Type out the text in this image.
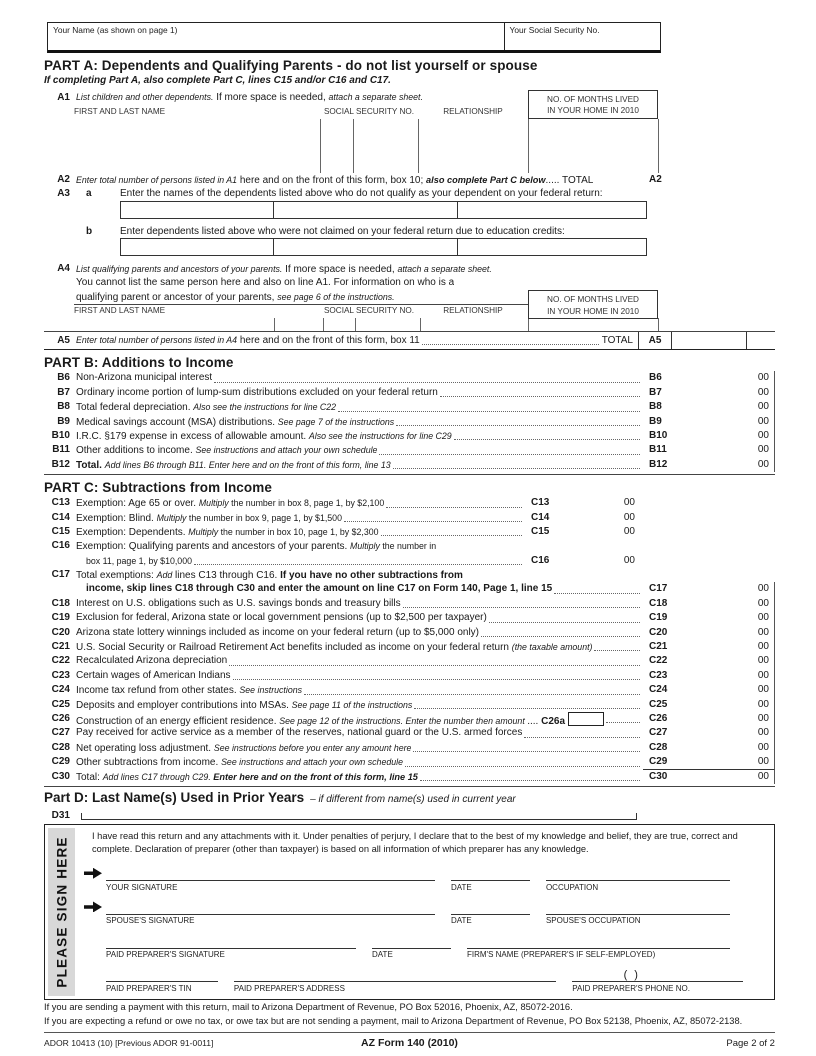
Your Name (as shown on page 1)	Your Social Security No.
PART A: Dependents and Qualifying Parents - do not list yourself or spouse
If completing Part A, also complete Part C, lines C15 and/or C16 and C17.
A1 List children and other dependents. If more space is needed, attach a separate sheet.
FIRST AND LAST NAME	SOCIAL SECURITY NO.	RELATIONSHIP
NO. OF MONTHS LIVED
IN YOUR HOME IN 2010
A2 Enter total number of persons listed in A1 here and on the front of this form, box 10; also complete Part C below..... TOTAL	A2
A3 a	Enter the names of the dependents listed above who do not qualify as your dependent on your federal return:
b	Enter dependents listed above who were not claimed on your federal return due to education credits:
A4 List qualifying parents and ancestors of your parents. If more space is needed, attach a separate sheet.
You cannot list the same person here and also on line A1. For information on who is a
qualifying parent or ancestor of your parents, see page 6 of the instructions.	NO. OF MONTHS LIVED
IN YOUR HOME IN 2010
FIRST AND LAST NAME	SOCIAL SECURITY NO.	RELATIONSHIP
A5 Enter total number of persons listed in A4 here and on the front of this form, box 11	TOTAL	A5
PART B: Additions to Income
B6 Non-Arizona municipal interest	B6	00
B7 Ordinary income portion of lump-sum distributions excluded on your federal return	B7	00
B8 Total federal depreciation. Also see the instructions for line C22	B8	00
B9 Medical savings account (MSA) distributions. See page 7 of the instructions	B9	00
B10 I.R.C. §179 expense in excess of allowable amount. Also see the instructions for line C29	B10	00
B11 Other additions to income. See instructions and attach your own schedule	B11	00
B12 Total. Add lines B6 through B11. Enter here and on the front of this form, line 13	B12	00
PART C: Subtractions from Income
C13 Exemption: Age 65 or over. Multiply the number in box 8, page 1, by $2,100	C13	00
C14 Exemption: Blind. Multiply the number in box 9, page 1, by $1,500	C14	00
C15 Exemption: Dependents. Multiply the number in box 10, page 1, by $2,300	C15	00
C16 Exemption: Qualifying parents and ancestors of your parents. Multiply the number in
box 11, page 1, by $10,000	C16	00
C17 Total exemptions: Add lines C13 through C16. If you have no other subtractions from
income, skip lines C18 through C30 and enter the amount on line C17 on Form 140, Page 1, line 15	C17	00
C18 Interest on U.S. obligations such as U.S. savings bonds and treasury bills	C18	00
C19 Exclusion for federal, Arizona state or local government pensions (up to $2,500 per taxpayer)	C19	00
C20 Arizona state lottery winnings included as income on your federal return (up to $5,000 only)	C20	00
C21 U.S. Social Security or Railroad Retirement Act benefits included as income on your federal return (the taxable amount)	C21	00
C22 Recalculated Arizona depreciation	C22	00
C23 Certain wages of American Indians	C23	00
C24 Income tax refund from other states. See instructions	C24	00
C25 Deposits and employer contributions into MSAs. See page 11 of the instructions	C25	00
C26 Construction of an energy efficient residence. See page 12 of the instructions. Enter the number then amount .... C26a	C26	00
C27 Pay received for active service as a member of the reserves, national guard or the U.S. armed forces	C27	00
C28 Net operating loss adjustment. See instructions before you enter any amount here	C28	00
C29 Other subtractions from income. See instructions and attach your own schedule	C29	00
C30 Total: Add lines C17 through C29. Enter here and on the front of this form, line 15	C30	00
Part D: Last Name(s) Used in Prior Years – if different from name(s) used in current year
D31
PLEASE SIGN HERE

I have read this return and any attachments with it. Under penalties of perjury, I declare that to the best of my knowledge and belief, they are true, correct and complete. Declaration of preparer (other than taxpayer) is based on all information of which preparer has any knowledge.

YOUR SIGNATURE	DATE	OCCUPATION
SPOUSE'S SIGNATURE	DATE	SPOUSE'S OCCUPATION
PAID PREPARER'S SIGNATURE	DATE	FIRM'S NAME (PREPARER'S IF SELF-EMPLOYED)
PAID PREPARER'S TIN	PAID PREPARER'S ADDRESS
( )
PAID PREPARER'S PHONE NO.
If you are sending a payment with this return, mail to Arizona Department of Revenue, PO Box 52016, Phoenix, AZ, 85072-2016.
If you are expecting a refund or owe no tax, or owe tax but are not sending a payment, mail to Arizona Department of Revenue, PO Box 52138, Phoenix, AZ, 85072-2138.
ADOR 10413 (10) [Previous ADOR 91-0011]	AZ Form 140 (2010)	Page 2 of 2
